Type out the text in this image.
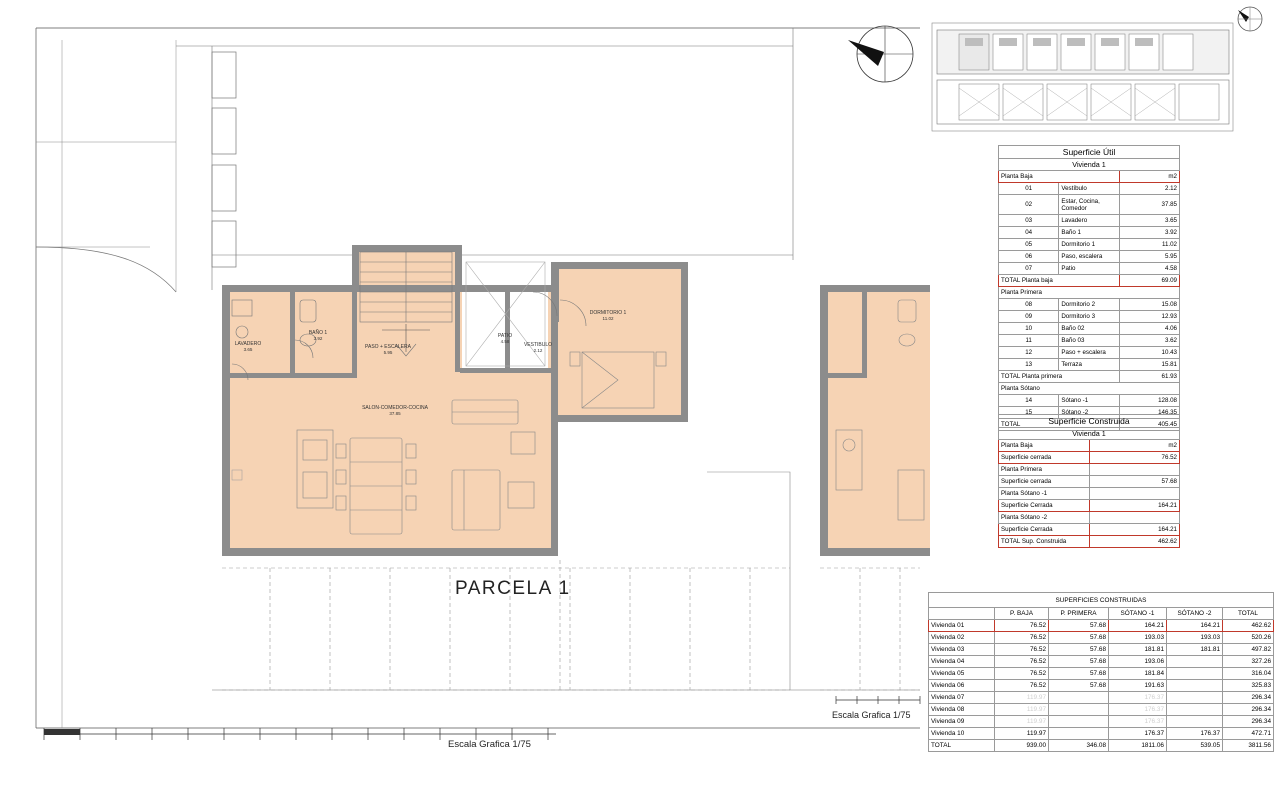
LAVADERO
3.65
BAÑO 1
3.92
PASO + ESCALERA
5.95
PATIO
4.58
VESTIBULO
2.12
DORMITORIO 1
11.02
SALON-COMEDOR-COCINA
37.85
PARCELA 1
Escala Grafica 1/75
Escala Grafica 1/75
Superficie Útil		
Vivienda 1		
Planta Baja		m2
01	Vestíbulo	2.12
02	Estar, Cocina, Comedor	37.85
03	Lavadero	3.65
04	Baño 1	3.92
05	Dormitorio 1	11.02
06	Paso, escalera	5.95
07	Patio	4.58
TOTAL Planta baja		69.09
Planta Primera		
08	Dormitorio 2	15.08
09	Dormitorio 3	12.93
10	Baño 02	4.06
11	Baño 03	3.62
12	Paso + escalera	10.43
13	Terraza	15.81
TOTAL Planta primera		61.93
Planta Sótano		
14	Sótano -1	128.08
15	Sótano -2	146.35
TOTAL		405.45
Superficie Construida	
Vivienda 1	
Planta Baja	m2
Superficie cerrada	76.52
Planta Primera	
Superficie cerrada	57.68
Planta Sótano -1	
Superficie Cerrada	164.21
Planta Sótano -2	
Superficie Cerrada	164.21
TOTAL Sup. Construida	462.62
SUPERFICIES CONSTRUIDAS					
	P. BAJA	P. PRIMERA	SÓTANO -1	SÓTANO -2	TOTAL
Vivienda 01	76.52	57.68	164.21	164.21	462.62
Vivienda 02	76.52	57.68	193.03	193.03	520.26
Vivienda 03	76.52	57.68	181.81	181.81	497.82
Vivienda 04	76.52	57.68	193.06		327.26
Vivienda 05	76.52	57.68	181.84		316.04
Vivienda 06	76.52	57.68	191.63		325.83
Vivienda 07	119.97		176.37		296.34
Vivienda 08	119.97		176.37		296.34
Vivienda 09	119.97		176.37		296.34
Vivienda 10	119.97		176.37	176.37	472.71
TOTAL	939.00	346.08	1811.06	539.05	3811.56
